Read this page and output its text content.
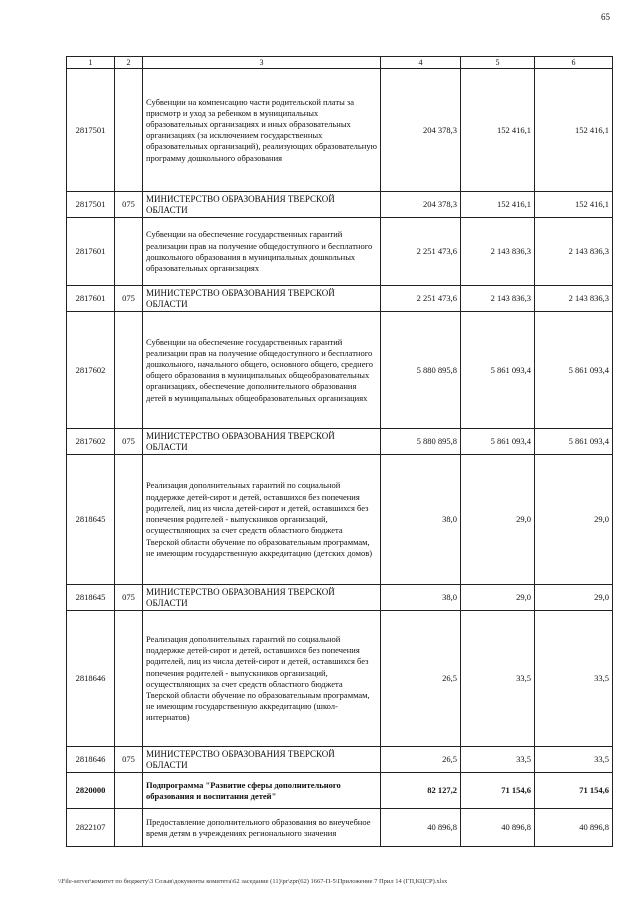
65
1	2	3	4	5	6
2817501		Субвенции на компенсацию части родительской платы за присмотр и уход за ребенком в муниципальных образовательных организациях и иных образовательных организациях (за исключением государственных образовательных организаций), реализующих образовательную программу дошкольного образования	204 378,3	152 416,1	152 416,1
2817501	075	МИНИСТЕРСТВО ОБРАЗОВАНИЯ ТВЕРСКОЙ ОБЛАСТИ	204 378,3	152 416,1	152 416,1
2817601		Субвенции на обеспечение государственных гарантий реализации прав на получение общедоступного и бесплатного дошкольного образования в муниципальных дошкольных образовательных организациях	2 251 473,6	2 143 836,3	2 143 836,3
2817601	075	МИНИСТЕРСТВО ОБРАЗОВАНИЯ ТВЕРСКОЙ ОБЛАСТИ	2 251 473,6	2 143 836,3	2 143 836,3
2817602		Субвенции на обеспечение государственных гарантий реализации прав на получение общедоступного и бесплатного дошкольного, начального общего, основного общего, среднего общего образования в муниципальных общеобразовательных организациях, обеспечение дополнительного образования детей в муниципальных общеобразовательных организациях	5 880 895,8	5 861 093,4	5 861 093,4
2817602	075	МИНИСТЕРСТВО ОБРАЗОВАНИЯ ТВЕРСКОЙ ОБЛАСТИ	5 880 895,8	5 861 093,4	5 861 093,4
2818645		Реализация дополнительных гарантий по социальной поддержке детей-сирот и детей, оставшихся без попечения родителей, лиц из числа детей-сирот и детей, оставшихся без попечения родителей - выпускников организаций, осуществляющих за счет средств областного бюджета Тверской области обучение по образовательным программам, не имеющим государственную аккредитацию (детских домов)	38,0	29,0	29,0
2818645	075	МИНИСТЕРСТВО ОБРАЗОВАНИЯ ТВЕРСКОЙ ОБЛАСТИ	38,0	29,0	29,0
2818646		Реализация дополнительных гарантий по социальной поддержке детей-сирот и детей, оставшихся без попечения родителей, лиц из числа детей-сирот и детей, оставшихся без попечения родителей - выпускников организаций, осуществляющих за счет средств областного бюджета Тверской области обучение по образовательным программам, не имеющим государственную аккредитацию (школ-интернатов)	26,5	33,5	33,5
2818646	075	МИНИСТЕРСТВО ОБРАЗОВАНИЯ ТВЕРСКОЙ ОБЛАСТИ	26,5	33,5	33,5
2820000		Подпрограмма "Развитие сферы дополнительного образования и воспитания детей"	82 127,2	71 154,6	71 154,6
2822107		Предоставление дополнительного образования во внеучебное время детям в учреждениях регионального значения	40 896,8	40 896,8	40 896,8
\\File-server\комитет по бюджету\3 Созыв\документы комитета\62 заседание (11)\pr\zpr(62) 1667-П-5\Приложение 7 Прил 14 (ГП,КЦСР).xlsx
